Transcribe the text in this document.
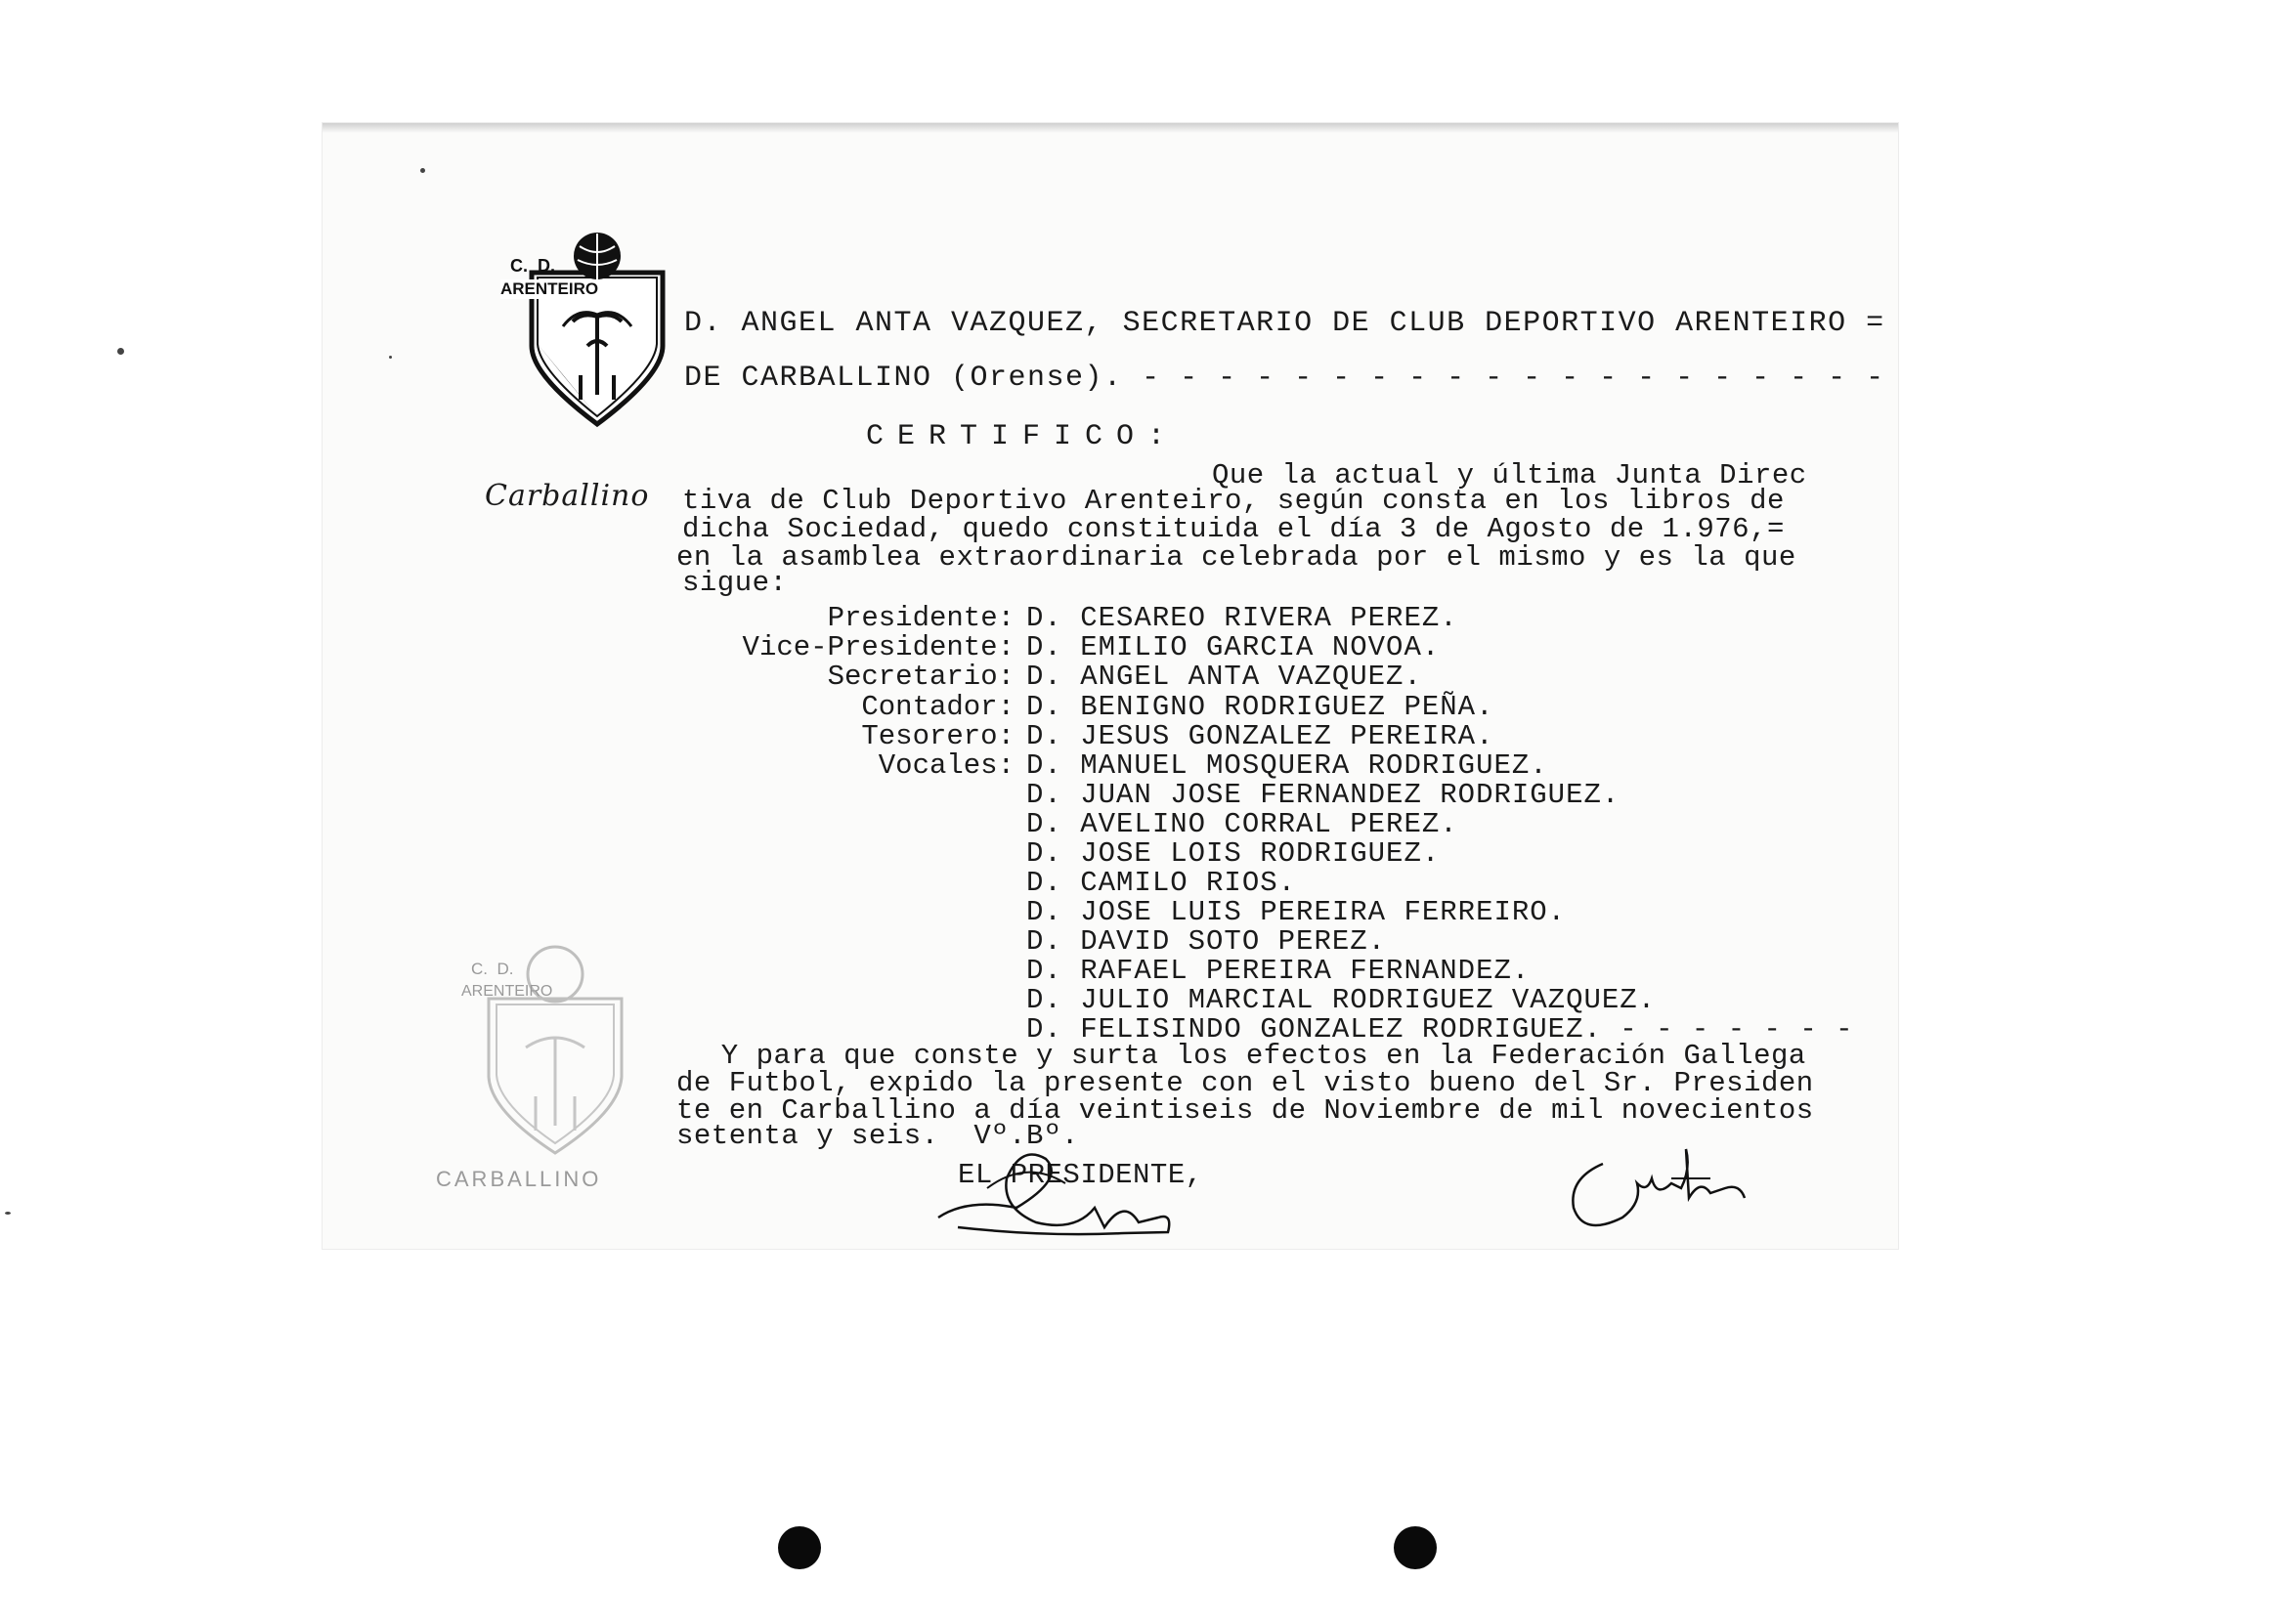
C.  D.
ARENTEIRO
Carballino

C.  D.
ARENTEIRO
CARBALLINO
D. ANGEL ANTA VAZQUEZ, SECRETARIO DE CLUB DEPORTIVO ARENTEIRO =
DE CARBALLINO (Orense). - - - - - - - - - - - - - - - - - - - -
CERTIFICO:
Que la actual y última Junta Direc
tiva de Club Deportivo Arenteiro, según consta en los libros de
dicha Sociedad, quedo constituida el día 3 de Agosto de 1.976,=
en la asamblea extraordinaria celebrada por el mismo y es la que
sigue:

Presidente:

D. CESAREO RIVERA PEREZ.

Vice-Presidente:

D. EMILIO GARCIA NOVOA.

Secretario:

D. ANGEL ANTA VAZQUEZ.

Contador:

D. BENIGNO RODRIGUEZ PEÑA.

Tesorero:

D. JESUS GONZALEZ PEREIRA.

Vocales:

D. MANUEL MOSQUERA RODRIGUEZ.

D. JUAN JOSE FERNANDEZ RODRIGUEZ.

D. AVELINO CORRAL PEREZ.

D. JOSE LOIS RODRIGUEZ.

D. CAMILO RIOS.

D. JOSE LUIS PEREIRA FERREIRO.

D. DAVID SOTO PEREZ.

D. RAFAEL PEREIRA FERNANDEZ.

D. JULIO MARCIAL RODRIGUEZ VAZQUEZ.

D. FELISINDO GONZALEZ RODRIGUEZ. - - - - - - -

Y para que conste y surta los efectos en la Federación Gallega
de Futbol, expido la presente con el visto bueno del Sr. Presiden
te en Carballino a día veintiseis de Noviembre de mil novecientos
setenta y seis.  Vº.Bº.
EL PRESIDENTE,
